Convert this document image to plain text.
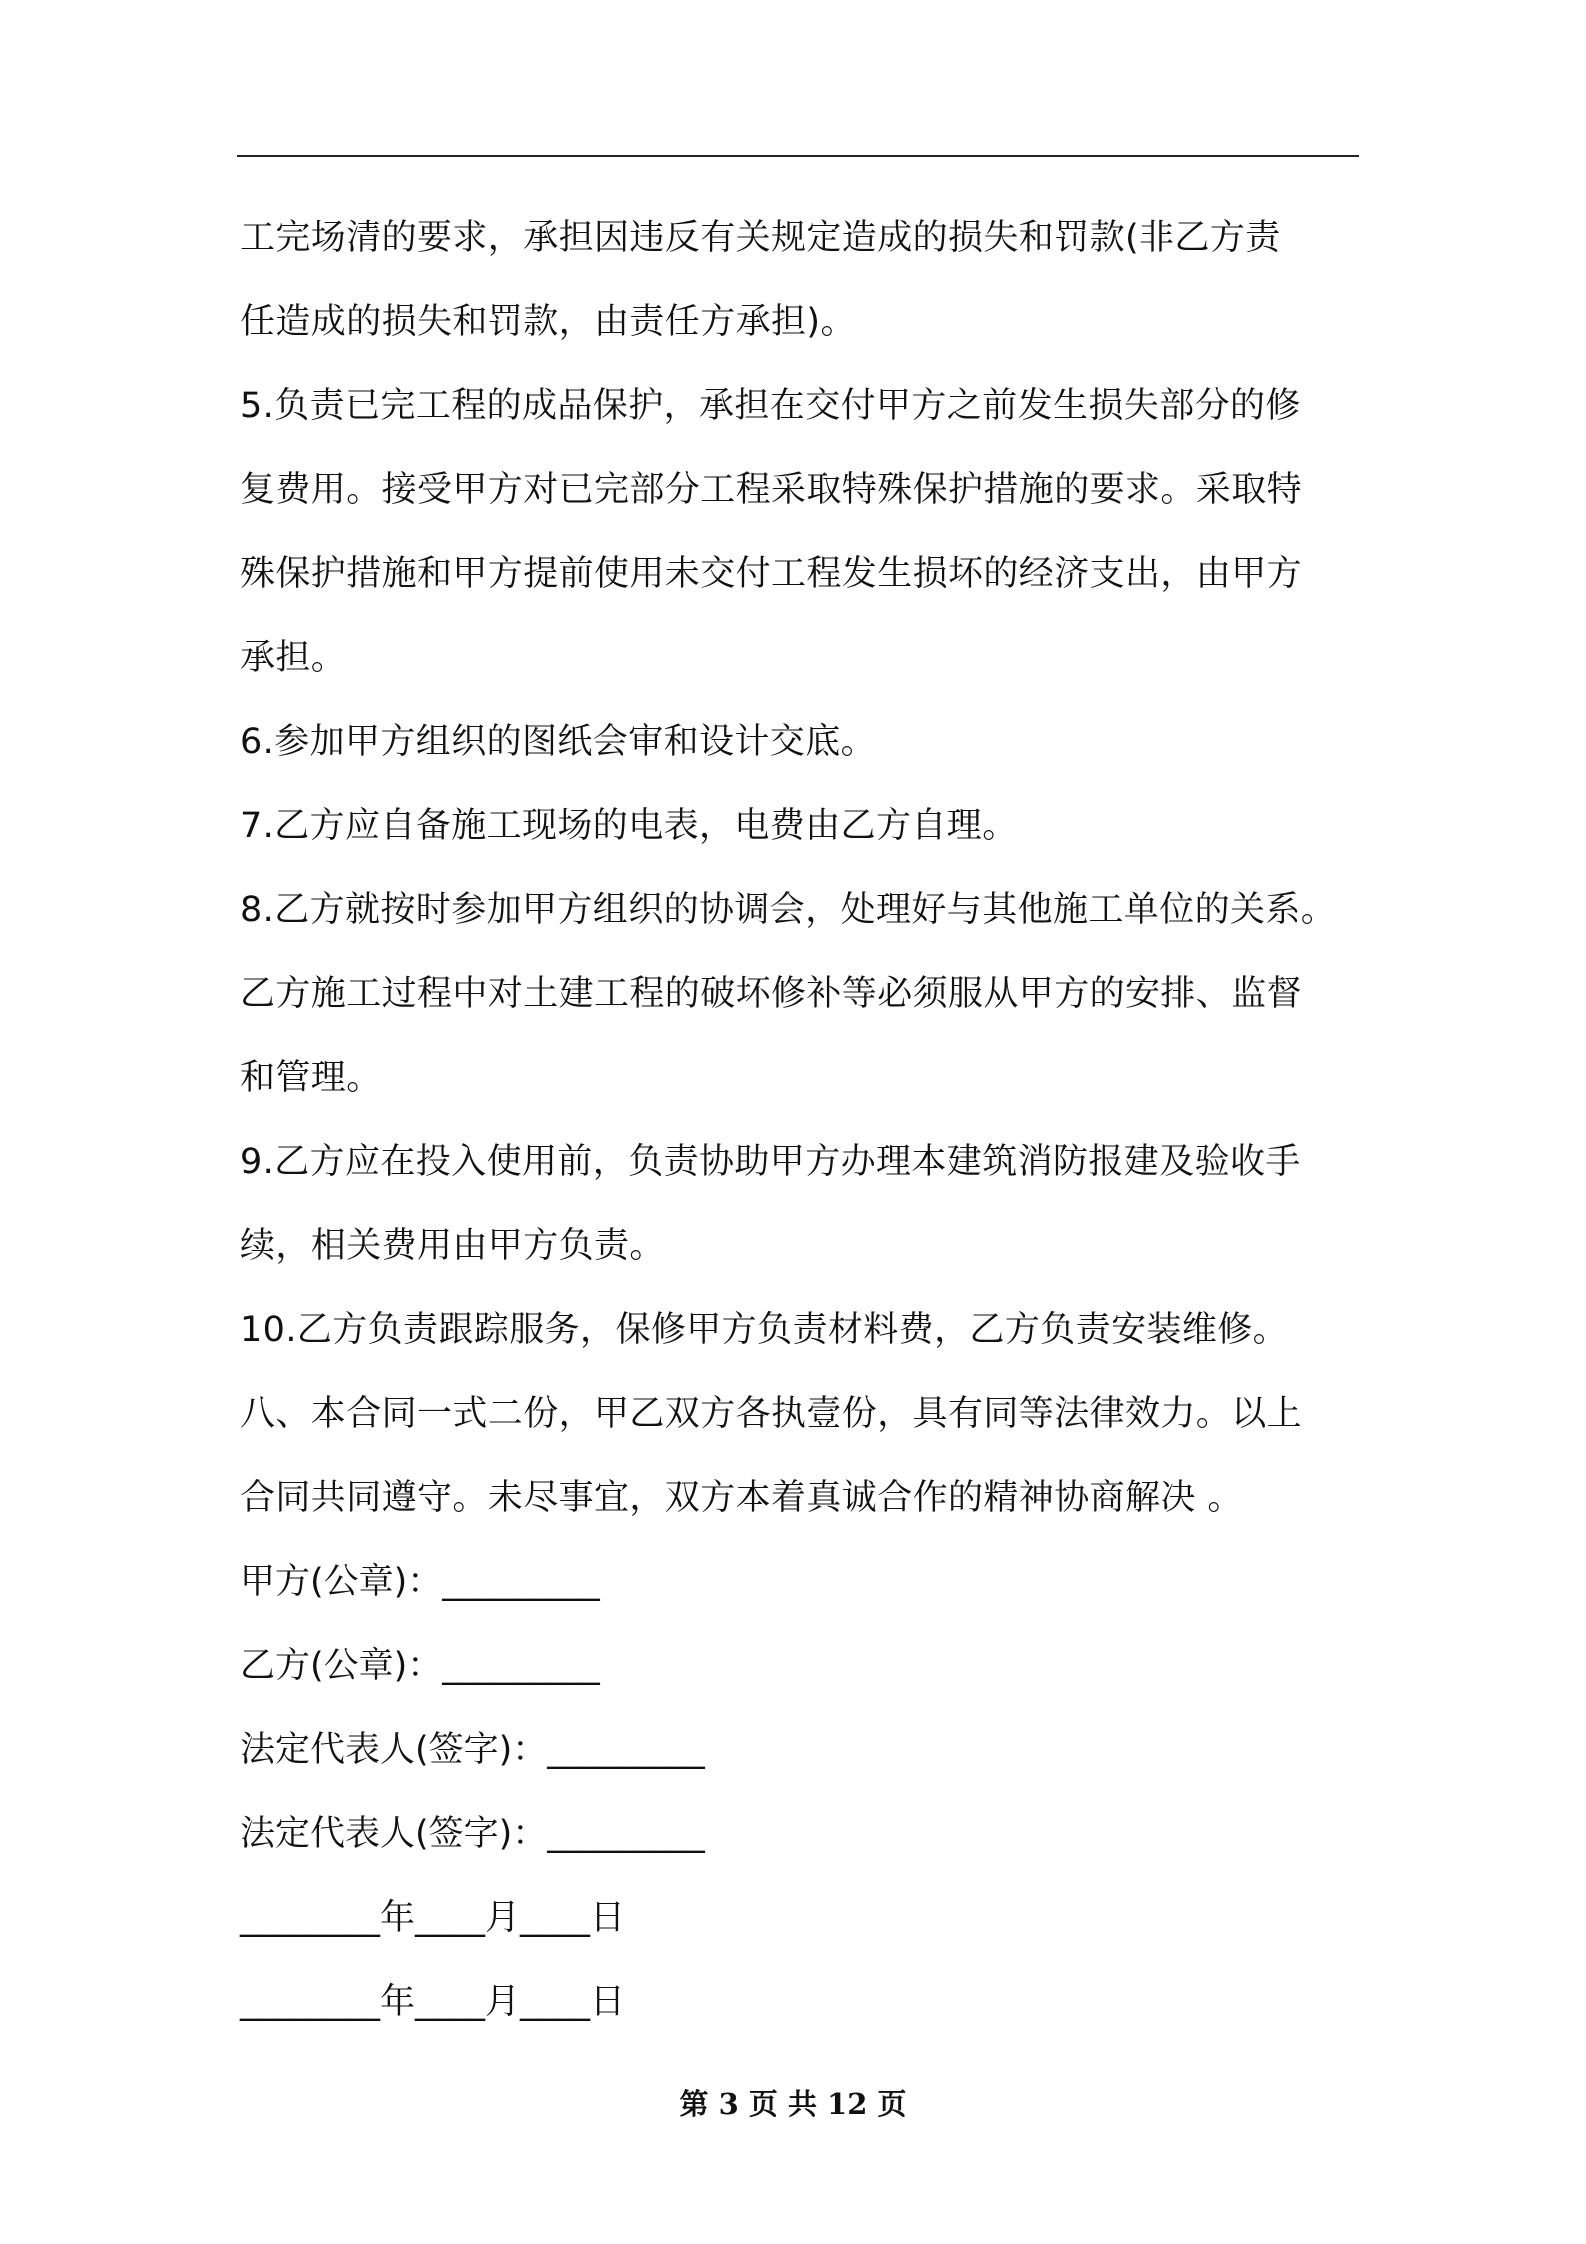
工完场清的要求，承担因违反有关规定造成的损失和罚款(非乙方责
任造成的损失和罚款，由责任方承担)。
5.负责已完工程的成品保护，承担在交付甲方之前发生损失部分的修
复费用。接受甲方对已完部分工程采取特殊保护措施的要求。采取特
殊保护措施和甲方提前使用未交付工程发生损坏的经济支出，由甲方
承担。
6.参加甲方组织的图纸会审和设计交底。
7.乙方应自备施工现场的电表，电费由乙方自理。
8.乙方就按时参加甲方组织的协调会，处理好与其他施工单位的关系。
乙方施工过程中对土建工程的破坏修补等必须服从甲方的安排、监督
和管理。
9.乙方应在投入使用前，负责协助甲方办理本建筑消防报建及验收手
续，相关费用由甲方负责。
10.乙方负责跟踪服务，保修甲方负责材料费，乙方负责安装维修。
八、本合同一式二份，甲乙双方各执壹份，具有同等法律效力。以上
合同共同遵守。未尽事宜，双方本着真诚合作的精神协商解决 。
甲方(公章)：_________
乙方(公章)：_________
法定代表人(签字)：_________
法定代表人(签字)：_________
________年____月____日
________年____月____日
第 3 页 共 12 页
